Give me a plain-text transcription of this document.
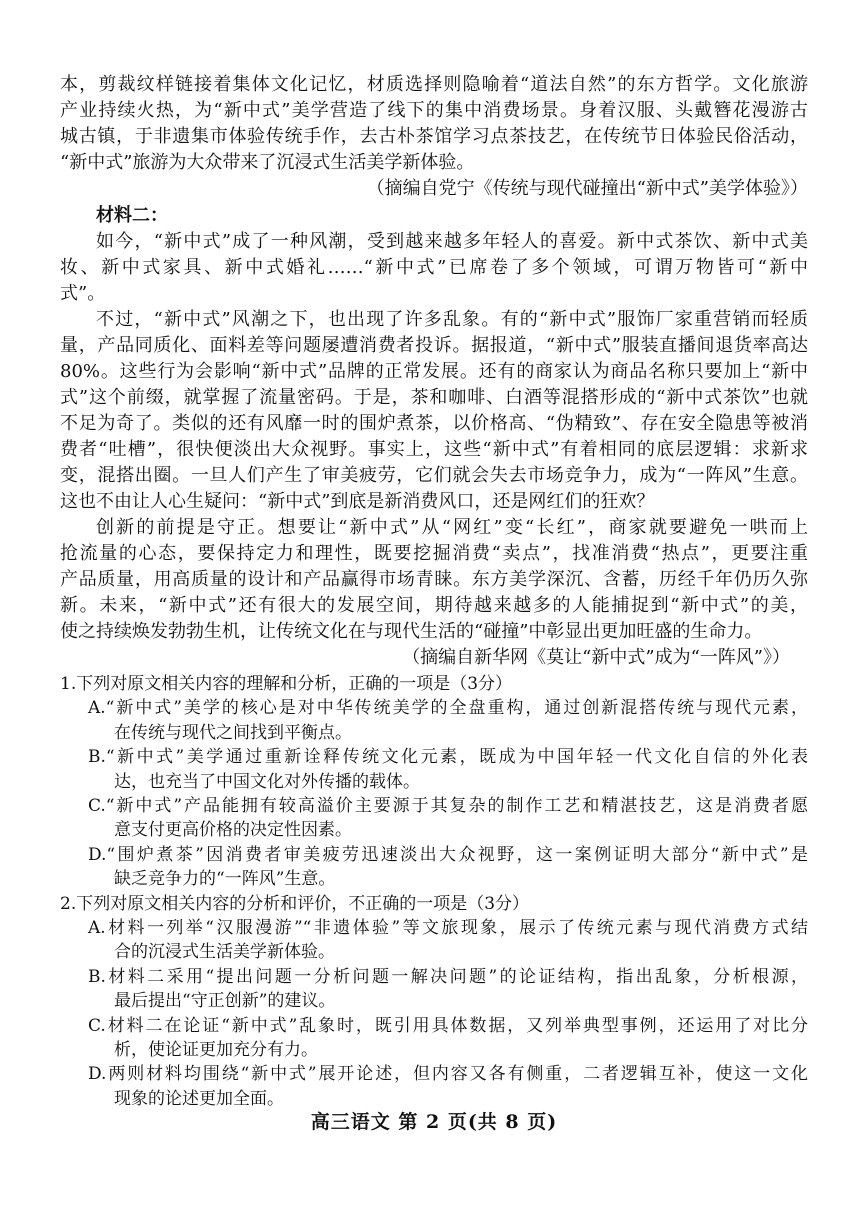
本，剪裁纹样链接着集体文化记忆，材质选择则隐喻着“道法自然”的东方哲学。文化旅游
产业持续火热，为“新中式”美学营造了线下的集中消费场景。身着汉服、头戴簪花漫游古
城古镇，于非遗集市体验传统手作，去古朴茶馆学习点茶技艺，在传统节日体验民俗活动，
“新中式”旅游为大众带来了沉浸式生活美学新体验。
（摘编自党宁《传统与现代碰撞出“新中式”美学体验》）
材料二：
如今，“新中式”成了一种风潮，受到越来越多年轻人的喜爱。新中式茶饮、新中式美
妆、新中式家具、新中式婚礼……“新中式”已席卷了多个领域，可谓万物皆可“新中
式”。
不过，“新中式”风潮之下，也出现了许多乱象。有的“新中式”服饰厂家重营销而轻质
量，产品同质化、面料差等问题屡遭消费者投诉。据报道，“新中式”服装直播间退货率高达
80%。这些行为会影响“新中式”品牌的正常发展。还有的商家认为商品名称只要加上“新中
式”这个前缀，就掌握了流量密码。于是，茶和咖啡、白酒等混搭形成的“新中式茶饮”也就
不足为奇了。类似的还有风靡一时的围炉煮茶，以价格高、“伪精致”、存在安全隐患等被消
费者“吐槽”，很快便淡出大众视野。事实上，这些“新中式”有着相同的底层逻辑：求新求
变，混搭出圈。一旦人们产生了审美疲劳，它们就会失去市场竞争力，成为“一阵风”生意。
这也不由让人心生疑问：“新中式”到底是新消费风口，还是网红们的狂欢？
创新的前提是守正。想要让“新中式”从“网红”变“长红”，商家就要避免一哄而上
抢流量的心态，要保持定力和理性，既要挖掘消费“卖点”，找准消费“热点”，更要注重
产品质量，用高质量的设计和产品赢得市场青睐。东方美学深沉、含蓄，历经千年仍历久弥
新。未来，“新中式”还有很大的发展空间，期待越来越多的人能捕捉到“新中式”的美，
使之持续焕发勃勃生机，让传统文化在与现代生活的“碰撞”中彰显出更加旺盛的生命力。
（摘编自新华网《莫让“新中式”成为“一阵风”》）
1.下列对原文相关内容的理解和分析，正确的一项是（3分）
A.“新中式”美学的核心是对中华传统美学的全盘重构，通过创新混搭传统与现代元素，
在传统与现代之间找到平衡点。
B.“新中式”美学通过重新诠释传统文化元素，既成为中国年轻一代文化自信的外化表
达，也充当了中国文化对外传播的载体。
C.“新中式”产品能拥有较高溢价主要源于其复杂的制作工艺和精湛技艺，这是消费者愿
意支付更高价格的决定性因素。
D.“围炉煮茶”因消费者审美疲劳迅速淡出大众视野，这一案例证明大部分“新中式”是
缺乏竞争力的“一阵风”生意。
2.下列对原文相关内容的分析和评价，不正确的一项是（3分）
A.材料一列举“汉服漫游”“非遗体验”等文旅现象，展示了传统元素与现代消费方式结
合的沉浸式生活美学新体验。
B.材料二采用“提出问题一分析问题一解决问题”的论证结构，指出乱象，分析根源，
最后提出“守正创新”的建议。
C.材料二在论证“新中式”乱象时，既引用具体数据，又列举典型事例，还运用了对比分
析，使论证更加充分有力。
D.两则材料均围绕“新中式”展开论述，但内容又各有侧重，二者逻辑互补，使这一文化
高三语文 第 2 页(共 8 页)
现象的论述更加全面。
